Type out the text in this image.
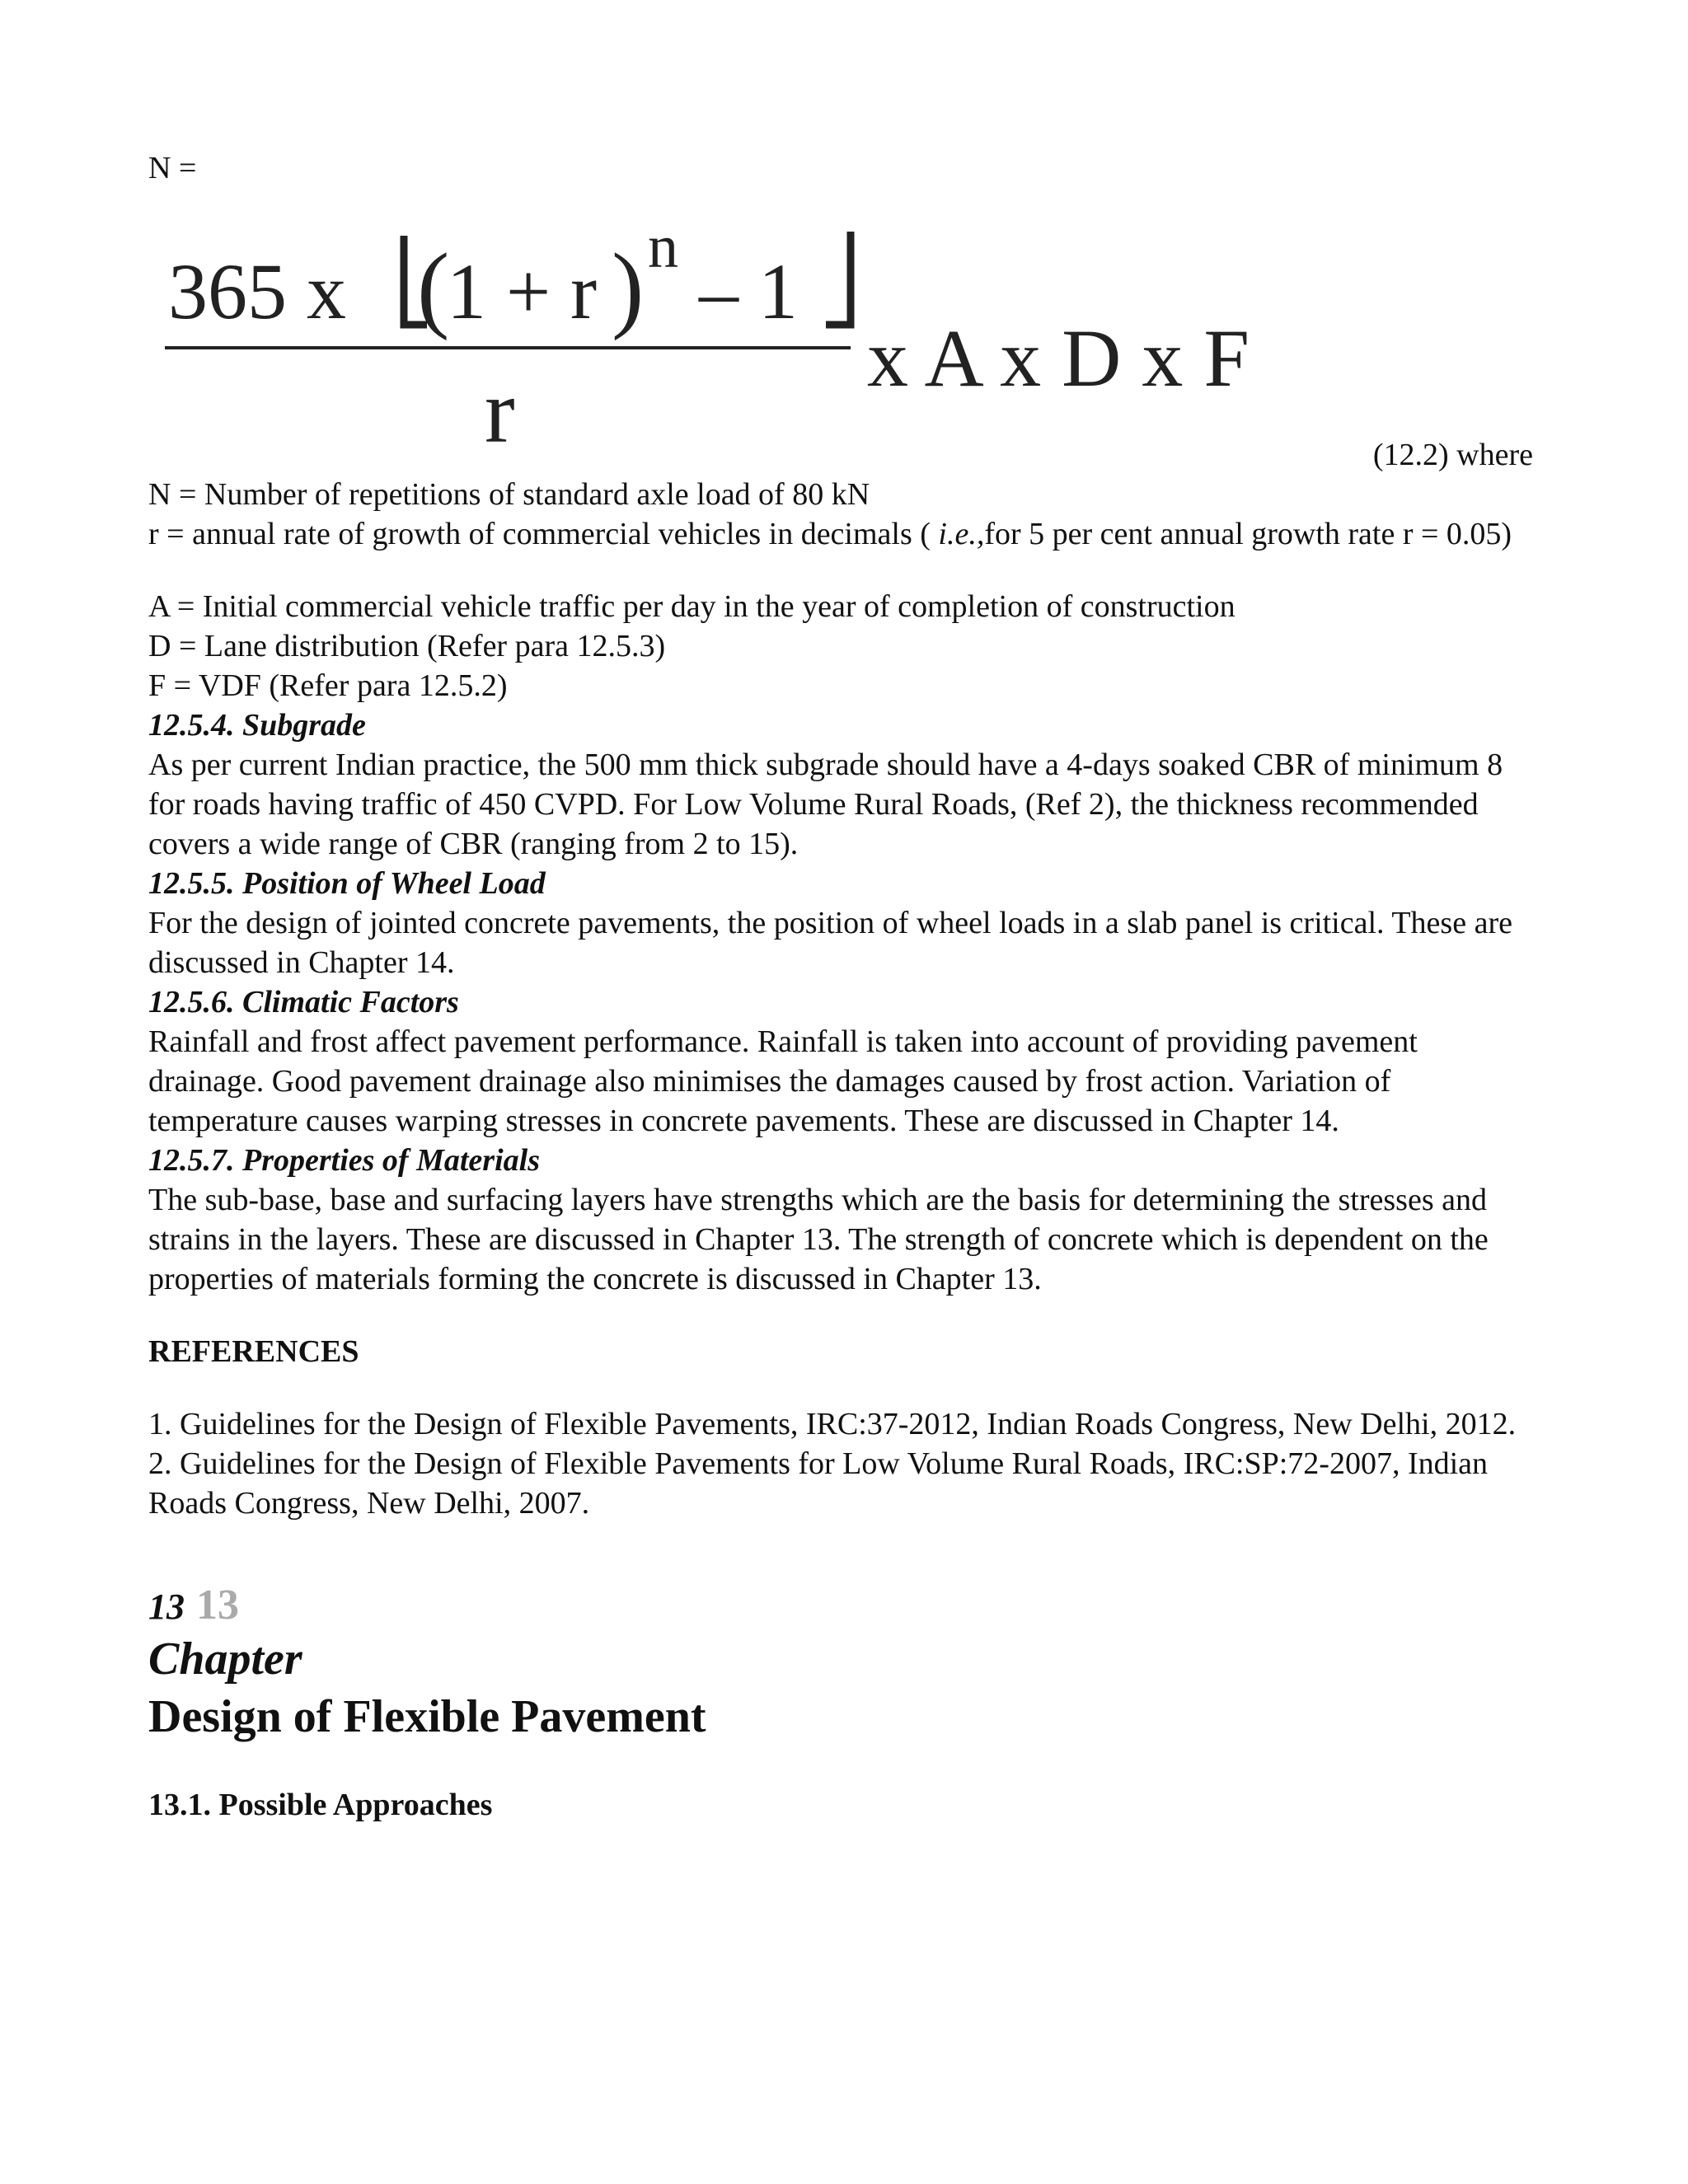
N =

365 x (
1 + r ) n – 1
r
x A x D x F

(12.2) where

N = Number of repetitions of standard axle load of 80 kN

r = annual rate of growth of commercial vehicles in decimals ( i.e.,for 5 per cent annual growth rate r = 0.05)

A = Initial commercial vehicle traffic per day in the year of completion of construction

D = Lane distribution (Refer para 12.5.3)

F = VDF (Refer para 12.5.2)

12.5.4. Subgrade

As per current Indian practice, the 500 mm thick subgrade should have a 4-days soaked CBR of minimum 8 for roads having traffic of 450 CVPD. For Low Volume Rural Roads, (Ref 2), the thickness recommended covers a wide range of CBR (ranging from 2 to 15).

12.5.5. Position of Wheel Load

For the design of jointed concrete pavements, the position of wheel loads in a slab panel is critical. These are discussed in Chapter 14.

12.5.6. Climatic Factors

Rainfall and frost affect pavement performance. Rainfall is taken into account of providing pavement drainage. Good pavement drainage also minimises the damages caused by frost action. Variation of temperature causes warping stresses in concrete pavements. These are discussed in Chapter 14.

12.5.7. Properties of Materials

The sub-base, base and surfacing layers have strengths which are the basis for determining the stresses and strains in the layers. These are discussed in Chapter 13. The strength of concrete which is dependent on the properties of materials forming the concrete is discussed in Chapter 13.

REFERENCES

1. Guidelines for the Design of Flexible Pavements, IRC:37-2012, Indian Roads Congress, New Delhi, 2012.

2. Guidelines for the Design of Flexible Pavements for Low Volume Rural Roads, IRC:SP:72-2007, Indian Roads Congress, New Delhi, 2007.

13 13

Chapter

Design of Flexible Pavement

13.1. Possible Approaches
